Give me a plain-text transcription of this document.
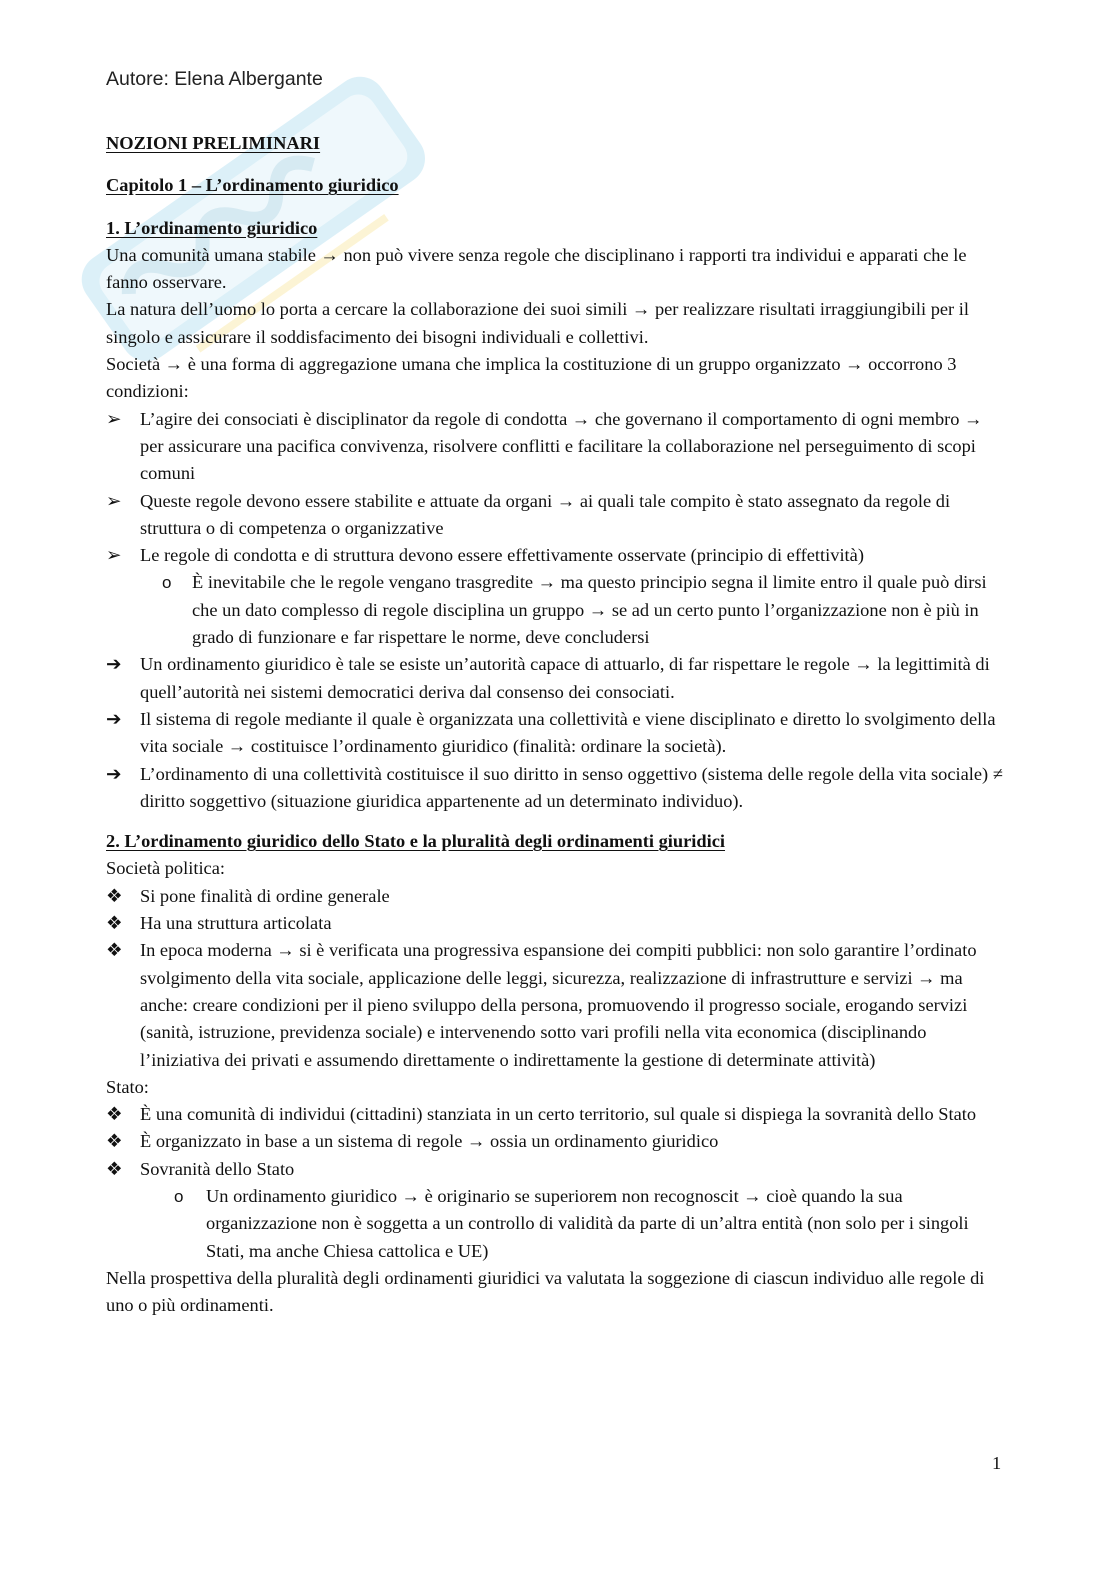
Autore: Elena Albergante

NOZIONI PRELIMINARI

Capitolo 1 – L’ordinamento giuridico

1. L’ordinamento giuridico

Una comunità umana stabile → non può vivere senza regole che disciplinano i rapporti tra individui e apparati che le fanno osservare.

La natura dell’uomo lo porta a cercare la collaborazione dei suoi simili → per realizzare risultati irraggiungibili per il singolo e assicurare il soddisfacimento dei bisogni individuali e collettivi.

Società → è una forma di aggregazione umana che implica la costituzione di un gruppo organizzato → occorrono 3 condizioni:

➢	L’agire dei consociati è disciplinator da regole di condotta → che governano il comportamento di ogni membro → per assicurare una pacifica convivenza, risolvere conflitti e facilitare la collaborazione nel perseguimento di scopi comuni
➢	Queste regole devono essere stabilite e attuate da organi → ai quali tale compito è stato assegnato da regole di struttura o di competenza o organizzative
➢	Le regole di condotta e di struttura devono essere effettivamente osservate (principio di effettività)
o È inevitabile che le regole vengano trasgredite → ma questo principio segna il limite entro il quale può dirsi che un dato complesso di regole disciplina un gruppo → se ad un certo punto l’organizzazione non è più in grado di funzionare e far rispettare le norme, deve concludersi
➔	Un ordinamento giuridico è tale se esiste un’autorità capace di attuarlo, di far rispettare le regole → la legittimità di quell’autorità nei sistemi democratici deriva dal consenso dei consociati.
➔	Il sistema di regole mediante il quale è organizzata una collettività e viene disciplinato e diretto lo svolgimento della vita sociale → costituisce l’ordinamento giuridico (finalità: ordinare la società).
➔	L’ordinamento di una collettività costituisce il suo diritto in senso oggettivo (sistema delle regole della vita sociale) ≠ diritto soggettivo (situazione giuridica appartenente ad un determinato individuo).

2. L’ordinamento giuridico dello Stato e la pluralità degli ordinamenti giuridici

Società politica:

❖ Si pone finalità di ordine generale
❖ Ha una struttura articolata
❖ In epoca moderna → si è verificata una progressiva espansione dei compiti pubblici: non solo garantire l’ordinato svolgimento della vita sociale, applicazione delle leggi, sicurezza, realizzazione di infrastrutture e servizi → ma anche: creare condizioni per il pieno sviluppo della persona, promuovendo il progresso sociale, erogando servizi (sanità, istruzione, previdenza sociale) e intervenendo sotto vari profili nella vita economica (disciplinando l’iniziativa dei privati e assumendo direttamente o indirettamente la gestione di determinate attività)

Stato:

❖ È una comunità di individui (cittadini) stanziata in un certo territorio, sul quale si dispiega la sovranità dello Stato
❖ È organizzato in base a un sistema di regole → ossia un ordinamento giuridico
❖ Sovranità dello Stato
o Un ordinamento giuridico → è originario se superiorem non recognoscit → cioè quando la sua organizzazione non è soggetta a un controllo di validità da parte di un’altra entità (non solo per i singoli Stati, ma anche Chiesa cattolica e UE)

Nella prospettiva della pluralità degli ordinamenti giuridici va valutata la soggezione di ciascun individuo alle regole di uno o più ordinamenti.

1
